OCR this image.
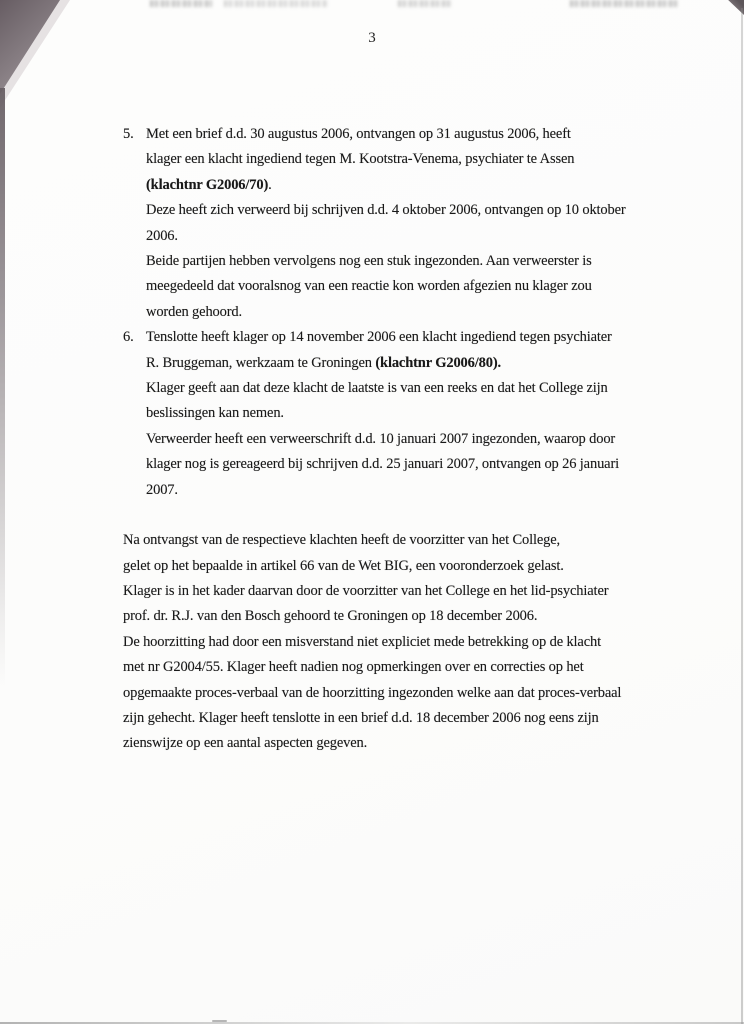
3
5. Met een brief d.d. 30 augustus 2006, ontvangen op 31 augustus 2006, heeft
klager een klacht ingediend tegen M. Kootstra-Venema, psychiater te Assen
(klachtnr G2006/70).
Deze heeft zich verweerd bij schrijven d.d. 4 oktober 2006, ontvangen op 10 oktober
2006.
Beide partijen hebben vervolgens nog een stuk ingezonden. Aan verweerster is
meegedeeld dat vooralsnog van een reactie kon worden afgezien nu klager zou
worden gehoord.
6. Tenslotte heeft klager op 14 november 2006 een klacht ingediend tegen psychiater
R. Bruggeman, werkzaam te Groningen (klachtnr G2006/80).
Klager geeft aan dat deze klacht de laatste is van een reeks en dat het College zijn
beslissingen kan nemen.
Verweerder heeft een verweerschrift d.d. 10 januari 2007 ingezonden, waarop door
klager nog is gereageerd bij schrijven d.d. 25 januari 2007, ontvangen op 26 januari
2007.
Na ontvangst van de respectieve klachten heeft de voorzitter van het College,
gelet op het bepaalde in artikel 66 van de Wet BIG, een vooronderzoek gelast.
Klager is in het kader daarvan door de voorzitter van het College en het lid-psychiater
prof. dr. R.J. van den Bosch gehoord te Groningen op 18 december 2006.
De hoorzitting had door een misverstand niet expliciet mede betrekking op de klacht
met nr G2004/55. Klager heeft nadien nog opmerkingen over en correcties op het
opgemaakte proces-verbaal van de hoorzitting ingezonden welke aan dat proces-verbaal
zijn gehecht. Klager heeft tenslotte in een brief d.d. 18 december 2006 nog eens zijn
zienswijze op een aantal aspecten gegeven.
